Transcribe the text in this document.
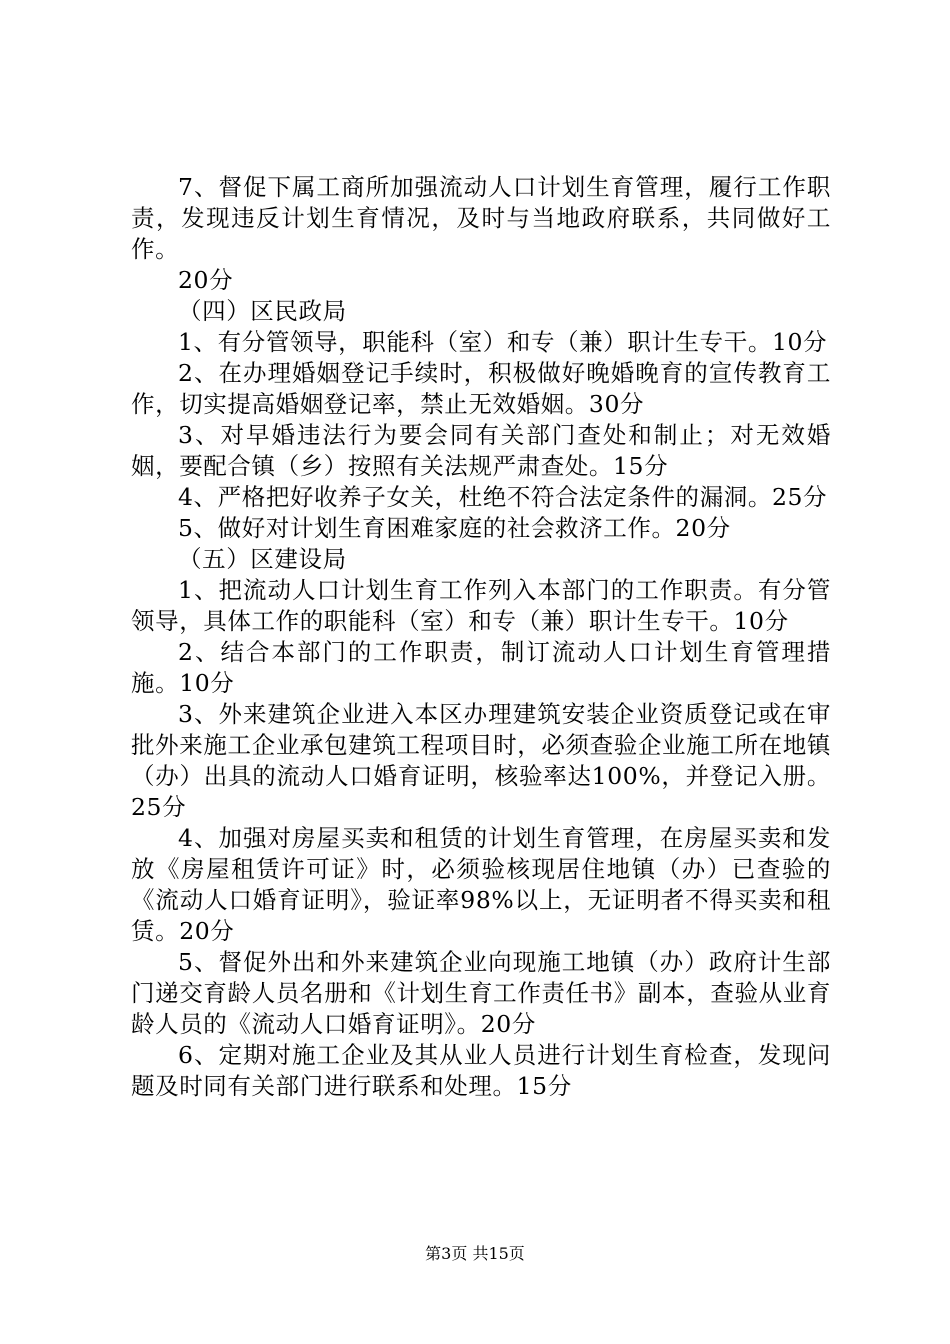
7、督促下属工商所加强流动人口计划生育管理，履行工作职责，发现违反计划生育情况，及时与当地政府联系，共同做好工作。

20分

（四）区民政局

1、有分管领导，职能科（室）和专（兼）职计生专干。10分

2、在办理婚姻登记手续时，积极做好晚婚晚育的宣传教育工作，切实提高婚姻登记率，禁止无效婚姻。30分

3、对早婚违法行为要会同有关部门查处和制止；对无效婚姻，要配合镇（乡）按照有关法规严肃查处。15分

4、严格把好收养子女关，杜绝不符合法定条件的漏洞。25分

5、做好对计划生育困难家庭的社会救济工作。20分

（五）区建设局

1、把流动人口计划生育工作列入本部门的工作职责。有分管领导，具体工作的职能科（室）和专（兼）职计生专干。10分

2、结合本部门的工作职责，制订流动人口计划生育管理措施。10分

3、外来建筑企业进入本区办理建筑安装企业资质登记或在审批外来施工企业承包建筑工程项目时，必须查验企业施工所在地镇（办）出具的流动人口婚育证明，核验率达100%，并登记入册。25分

4、加强对房屋买卖和租赁的计划生育管理，在房屋买卖和发放《房屋租赁许可证》时，必须验核现居住地镇（办）已查验的《流动人口婚育证明》，验证率98%以上，无证明者不得买卖和租赁。20分

5、督促外出和外来建筑企业向现施工地镇（办）政府计生部门递交育龄人员名册和《计划生育工作责任书》副本，查验从业育龄人员的《流动人口婚育证明》。20分

6、定期对施工企业及其从业人员进行计划生育检查，发现问题及时同有关部门进行联系和处理。15分

第3页 共15页
